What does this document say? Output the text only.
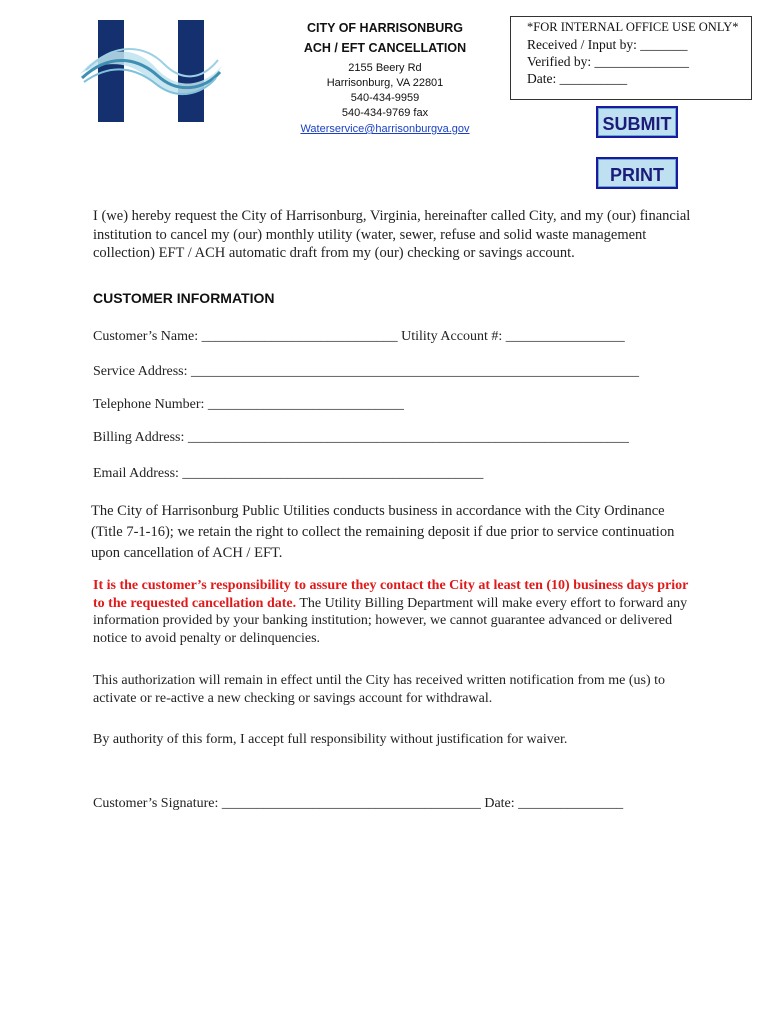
CITY OF HARRISONBURG
ACH / EFT CANCELLATION
2155 Beery Rd
Harrisonburg, VA 22801
540-434-9959
540-434-9769 fax
Waterservice@harrisonburgva.gov
*FOR INTERNAL OFFICE USE ONLY*
Received / Input by: _______
Verified by: ______________
Date: __________
SUBMIT
PRINT
I (we) hereby request the City of Harrisonburg, Virginia, hereinafter called City, and my (our) financial institution to cancel my (our) monthly utility (water, sewer, refuse and solid waste management collection) EFT / ACH automatic draft from my (our) checking or savings account.
CUSTOMER INFORMATION
Customer’s Name: ____________________________ Utility Account #: _________________
Service Address: ________________________________________________________________
Telephone Number: ____________________________
Billing Address: _______________________________________________________________
Email Address: ___________________________________________
The City of Harrisonburg Public Utilities conducts business in accordance with the City Ordinance (Title 7-1-16); we retain the right to collect the remaining deposit if due prior to service continuation upon cancellation of ACH / EFT.
It is the customer’s responsibility to assure they contact the City at least ten (10) business days prior to the requested cancellation date. The Utility Billing Department will make every effort to forward any information provided by your banking institution; however, we cannot guarantee advanced or delivered notice to avoid penalty or delinquencies.
This authorization will remain in effect until the City has received written notification from me (us) to activate or re-active a new checking or savings account for withdrawal.
By authority of this form, I accept full responsibility without justification for waiver.
Customer’s Signature: _____________________________________ Date: _______________
